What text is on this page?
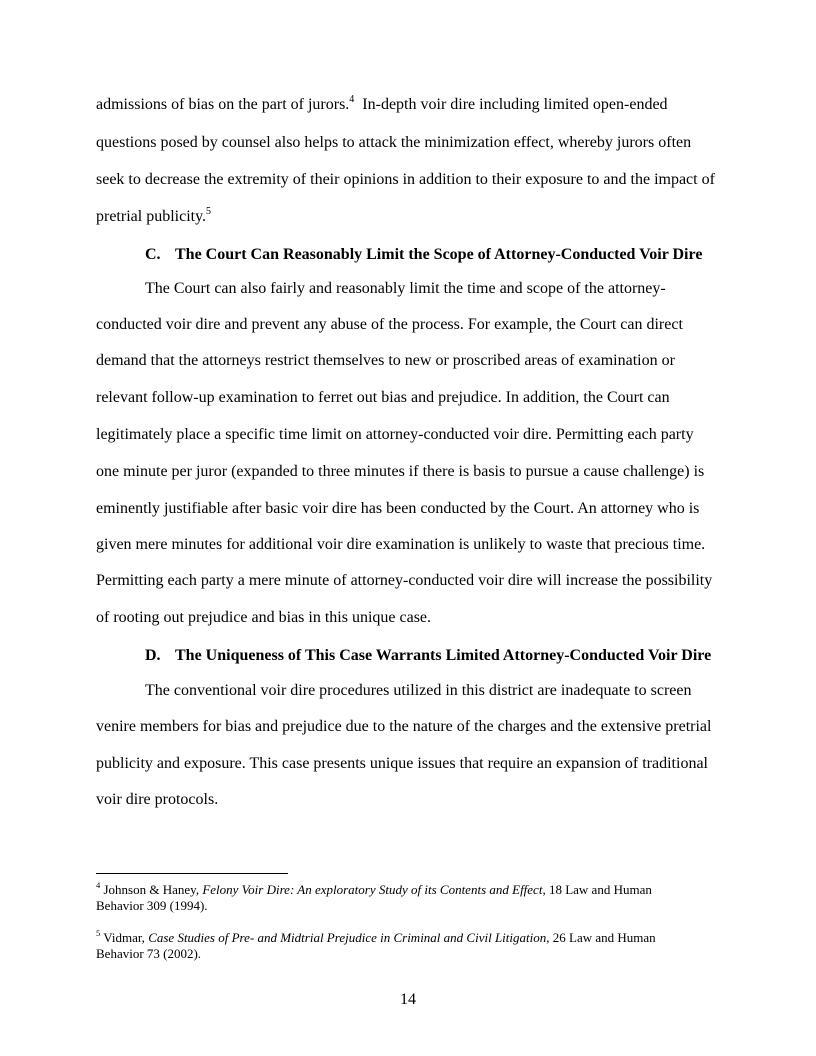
admissions of bias on the part of jurors.$^4$  In-depth voir dire including limited open-ended
questions posed by counsel also helps to attack the minimization effect, whereby jurors often
seek to decrease the extremity of their opinions in addition to their exposure to and the impact of
pretrial publicity.$^5$
C. The Court Can Reasonably Limit the Scope of Attorney-Conducted Voir Dire
The Court can also fairly and reasonably limit the time and scope of the attorney-
conducted voir dire and prevent any abuse of the process. For example, the Court can direct
demand that the attorneys restrict themselves to new or proscribed areas of examination or
relevant follow-up examination to ferret out bias and prejudice. In addition, the Court can
legitimately place a specific time limit on attorney-conducted voir dire. Permitting each party
one minute per juror (expanded to three minutes if there is basis to pursue a cause challenge) is
eminently justifiable after basic voir dire has been conducted by the Court. An attorney who is
given mere minutes for additional voir dire examination is unlikely to waste that precious time.
Permitting each party a mere minute of attorney-conducted voir dire will increase the possibility
of rooting out prejudice and bias in this unique case.
D. The Uniqueness of This Case Warrants Limited Attorney-Conducted Voir Dire
The conventional voir dire procedures utilized in this district are inadequate to screen
venire members for bias and prejudice due to the nature of the charges and the extensive pretrial
publicity and exposure. This case presents unique issues that require an expansion of traditional
voir dire protocols.
$^4$ Johnson & Haney, Felony Voir Dire: An exploratory Study of its Contents and Effect, 18 Law and Human
Behavior 309 (1994).
$^5$ Vidmar, Case Studies of Pre- and Midtrial Prejudice in Criminal and Civil Litigation, 26 Law and Human
Behavior 73 (2002).
14
